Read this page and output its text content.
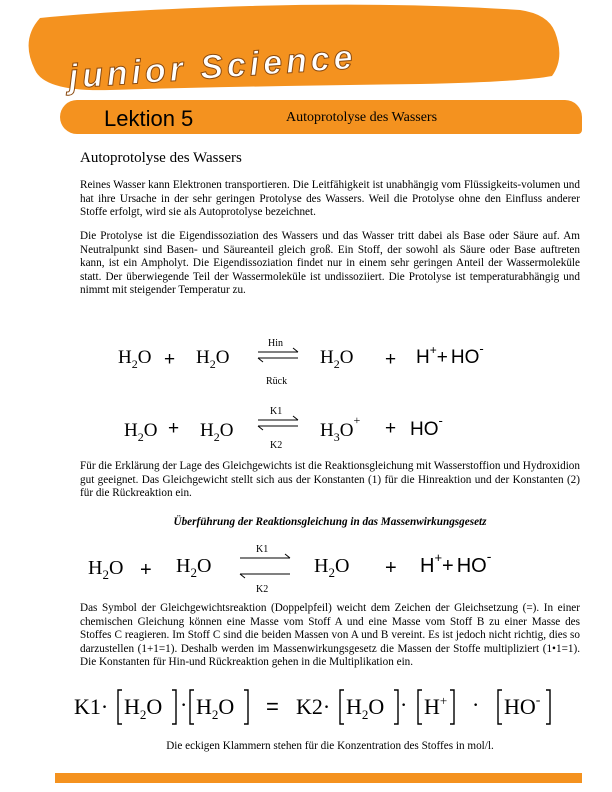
junior Science
Lektion 5	Autoprotolyse des Wassers
Autoprotolyse des Wassers
Reines Wasser kann Elektronen transportieren. Die Leitfähigkeit ist unabhängig vom Flüssigkeits-volumen und hat ihre Ursache in der sehr geringen Protolyse des Wassers. Weil die Protolyse ohne den Einfluss anderer Stoffe erfolgt, wird sie als Autoprotolyse bezeichnet.
Die Protolyse ist die Eigendissoziation des Wassers und das Wasser tritt dabei als Base oder Säure auf. Am Neutralpunkt sind Basen- und Säureanteil gleich groß. Ein Stoff, der sowohl als Säure oder Base auftreten kann, ist ein Ampholyt. Die Eigendissoziation findet nur in einem sehr geringen Anteil der Wassermoleküle statt. Der überwiegende Teil der Wassermoleküle ist undissoziiert. Die Protolyse ist temperaturabhängig und nimmt mit steigender Temperatur zu.
$H_2O + H_2O$	$H_2O + H^++ HO^-$
Hin
Rück
$H_2O + H_2O$	$H_3O^+ + HO^-$
K1
K2
Für die Erklärung der Lage des Gleichgewichts ist die Reaktionsgleichung mit Wasserstoffion und Hydroxidion gut geeignet. Das Gleichgewicht stellt sich aus der Konstanten (1) für die Hinreaktion und der Konstanten (2) für die Rückreaktion ein.
Überführung der Reaktionsgleichung in das Massenwirkungsgesetz
$H_2O + H_2O$	$H_2O + H^++ HO^-$
K1
K2
Das Symbol der Gleichgewichtsreaktion (Doppelpfeil) weicht dem Zeichen der Gleichsetzung (=). In einer chemischen Gleichung können eine Masse vom Stoff A und eine Masse vom Stoff B zu einer Masse des Stoffes C reagieren. Im Stoff C sind die beiden Massen von A und B vereint. Es ist jedoch nicht richtig, dies so darzustellen (1+1=1). Deshalb werden im Massenwirkungsgesetz die Massen der Stoffe multipliziert (1•1=1). Die Konstanten für Hin-und Rückreaktion gehen in die Multiplikation ein.
$K1\cdot H_2O \cdot H_2O = K2\cdot H_2O \cdot H^+ \cdot HO^-$
Die eckigen Klammern stehen für die Konzentration des Stoffes in mol/l.
